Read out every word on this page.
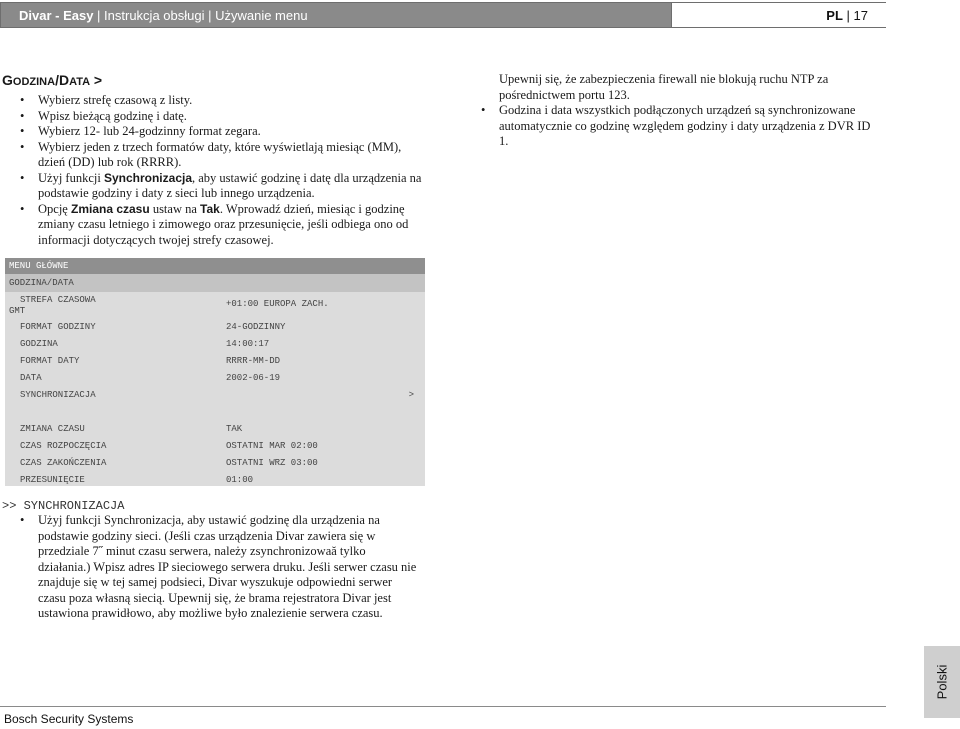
Divar - Easy | Instrukcja obsługi | Używanie menu	PL | 17
GODZINA/DATA >
• Wybierz strefę czasową z listy.
• Wpisz bieżącą godzinę i datę.
• Wybierz 12- lub 24-godzinny format zegara.
• Wybierz jeden z trzech formatów daty, które wyświetlają miesiąc (MM), dzień (DD) lub rok (RRRR).
• Użyj funkcji Synchronizacja, aby ustawić godzinę i datę dla urządzenia na podstawie godziny i daty z sieci lub innego urządzenia.
• Opcję Zmiana czasu ustaw na Tak. Wprowadź dzień, miesiąc i godzinę zmiany czasu letniego i zimowego oraz przesunięcie, jeśli odbiega ono od informacji dotyczących twojej strefy czasowej.
Upewnij się, że zabezpieczenia firewall nie blokują ruchu NTP za pośrednictwem portu 123.
• Godzina i data wszystkich podłączonych urządzeń są synchronizowane automatycznie co godzinę względem godziny i daty urządzenia z DVR ID 1.
MENU GŁÓWNE
GODZINA/DATA
STREFA CZASOWA	+01:00 EUROPA ZACH.
GMT
FORMAT GODZINY	24-GODZINNY
GODZINA	14:00:17
FORMAT DATY	RRRR-MM-DD
DATA	2002-06-19
SYNCHRONIZACJA	>
ZMIANA CZASU	TAK
CZAS ROZPOCZĘCIA	OSTATNI MAR 02:00
CZAS ZAKOŃCZENIA	OSTATNI WRZ 03:00
PRZESUNIĘCIE	01:00
>> SYNCHRONIZACJA
• Użyj funkcji Synchronizacja, aby ustawić godzinę dla urządzenia na podstawie godziny sieci. (Jeśli czas urządzenia Divar zawiera się w przedziale 7˝ minut czasu serwera, należy zsynchronizowaă tylko działania.) Wpisz adres IP sieciowego serwera druku. Jeśli serwer czasu nie znajduje się w tej samej podsieci, Divar wyszukuje odpowiedni serwer czasu poza własną siecią. Upewnij się, że brama rejestratora Divar jest ustawiona prawidłowo, aby możliwe było znalezienie serwera czasu.
Bosch Security Systems
Polski
